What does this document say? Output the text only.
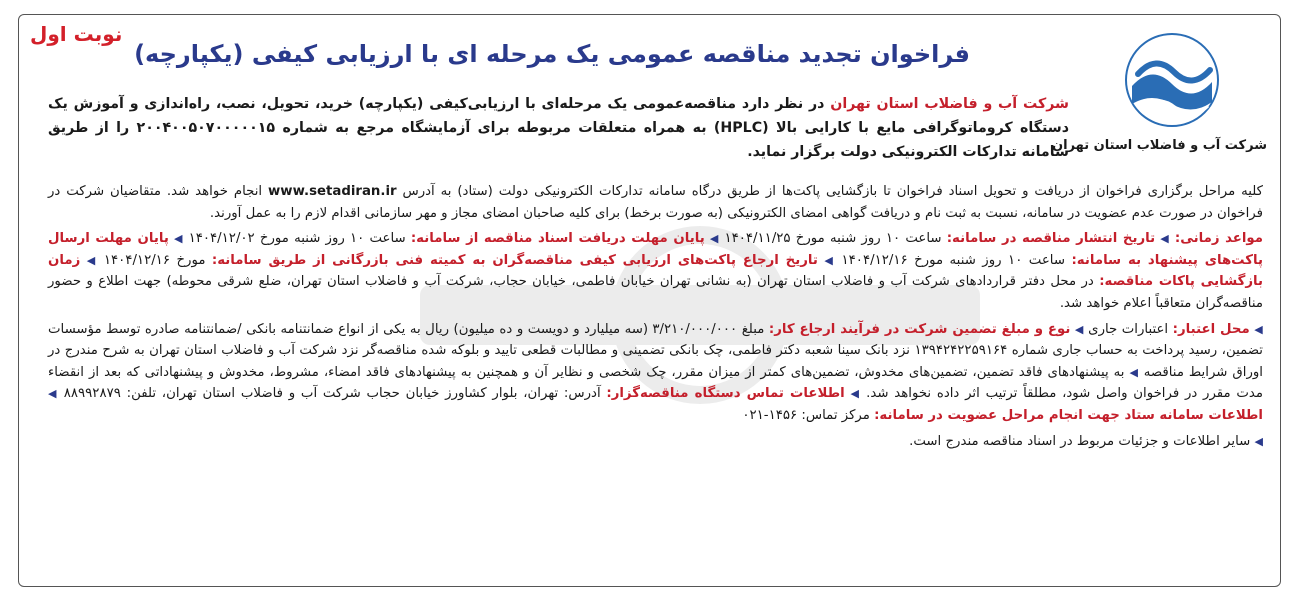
نوبت اول
فراخوان تجدید مناقصه عمومی یک مرحله ای با ارزیابی کیفی (یکپارچه)
شرکت آب و فاضلاب استان تهران
شرکت آب و فاضلاب استان تهران در نظر دارد مناقصه‌عمومی یک مرحله‌ای با ارزیابی‌کیفی (یکپارچه) خرید، تحویل، نصب، راه‌اندازی و آموزش یک دستگاه کروماتوگرافی مایع با کارایی بالا (HPLC) به همراه متعلقات مربوطه برای آزمایشگاه مرجع به شماره ۲۰۰۴۰۰۵۰۷۰۰۰۰۰۱۵ را از طریق سامانه تدارکات الکترونیکی دولت برگزار نماید.

کلیه مراحل برگزاری فراخوان از دریافت و تحویل اسناد فراخوان تا بازگشایی پاکت‌ها از طریق درگاه سامانه تدارکات الکترونیکی دولت (ستاد) به آدرس www.setadiran.ir انجام خواهد شد. متقاضیان شرکت در فراخوان در صورت عدم عضویت در سامانه، نسبت به ثبت نام و دریافت گواهی امضای الکترونیکی (به صورت برخط) برای کلیه صاحبان امضای مجاز و مهر سازمانی اقدام لازم را به عمل آورند.

مواعد زمانی: ◀ تاریخ انتشار مناقصه در سامانه: ساعت ۱۰ روز شنبه مورخ ۱۴۰۴/۱۱/۲۵ ◀ پایان مهلت دریافت اسناد مناقصه از سامانه: ساعت ۱۰ روز شنبه مورخ ۱۴۰۴/۱۲/۰۲ ◀ پایان مهلت ارسال پاکت‌های پیشنهاد به سامانه: ساعت ۱۰ روز شنبه مورخ ۱۴۰۴/۱۲/۱۶ ◀ تاریخ ارجاع پاکت‌های ارزیابی کیفی مناقصه‌گران به کمیته فنی بازرگانی از طریق سامانه: مورخ ۱۴۰۴/۱۲/۱۶ ◀ زمان بازگشایی پاکات مناقصه: در محل دفتر قراردادهای شرکت آب و فاضلاب استان تهران (به نشانی تهران خیابان فاطمی، خیابان حجاب، شرکت آب و فاضلاب استان تهران، ضلع شرقی محوطه) جهت اطلاع و حضور مناقصه‌گران متعاقباً اعلام خواهد شد.

◀ محل اعتبار: اعتبارات جاری ◀ نوع و مبلغ تضمین شرکت در فرآیند ارجاع کار: مبلغ ۳/۲۱۰/۰۰۰/۰۰۰ (سه میلیارد و دویست و ده میلیون) ریال به یکی از انواع ضمانتنامه بانکی /ضمانتنامه صادره توسط مؤسسات تضمین، رسید پرداخت به حساب جاری شماره ۱۳۹۴۲۴۲۲۵۹۱۶۴ نزد بانک سینا شعبه دکتر فاطمی، چک بانکی تضمینی و مطالبات قطعی تایید و بلوکه شده مناقصه‌گر نزد شرکت آب و فاضلاب استان تهران به شرح مندرج در اوراق شرایط مناقصه ◀ به پیشنهادهای فاقد تضمین، تضمین‌های مخدوش، تضمین‌های کمتر از میزان مقرر، چک شخصی و نظایر آن و همچنین به پیشنهادهای فاقد امضاء، مشروط، مخدوش و پیشنهاداتی که بعد از انقضاء مدت مقرر در فراخوان واصل شود، مطلقاً ترتیب اثر داده نخواهد شد. ◀ اطلاعات تماس دستگاه مناقصه‌گزار: آدرس: تهران، بلوار کشاورز خیابان حجاب شرکت آب و فاضلاب استان تهران، تلفن: ۸۸۹۹۲۸۷۹ ◀ اطلاعات سامانه ستاد جهت انجام مراحل عضویت در سامانه: مرکز تماس: ۱۴۵۶-۰۲۱

◀ سایر اطلاعات و جزئیات مربوط در اسناد مناقصه مندرج است.
